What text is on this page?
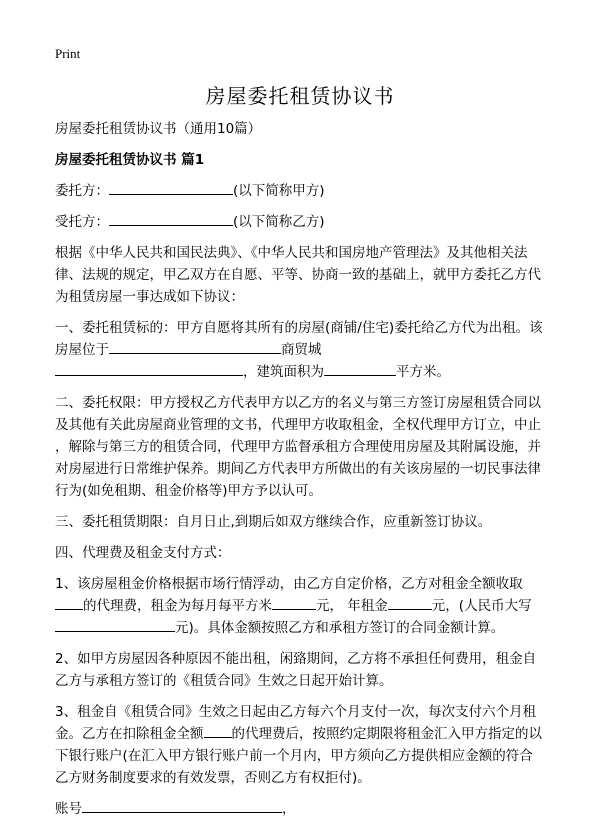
Print
房屋委托租赁协议书

房屋委托租赁协议书（通用10篇）

房屋委托租赁协议书 篇1

委托方：	(以下简称甲方)

受托方：	(以下简称乙方)

根据《中华人民共和国民法典》、《中华人民共和国房地产管理法》及其他相关法
律、法规的规定，甲乙双方在自愿、平等、协商一致的基础上，就甲方委托乙方代
为租赁房屋一事达成如下协议：

一、委托租赁标的：甲方自愿将其所有的房屋(商铺/住宅)委托给乙方代为出租。该
房屋位于	商贸城
，建筑面积为	平方米。

二、委托权限：甲方授权乙方代表甲方以乙方的名义与第三方签订房屋租赁合同以
及其他有关此房屋商业管理的文书，代理甲方收取租金，全权代理甲方订立，中止
，解除与第三方的租赁合同，代理甲方监督承租方合理使用房屋及其附属设施，并
对房屋进行日常维护保养。期间乙方代表甲方所做出的有关该房屋的一切民事法律
行为(如免租期、租金价格等)甲方予以认可。

三、委托租赁期限：自月日止,到期后如双方继续合作，应重新签订协议。

四、代理费及租金支付方式：

1、该房屋租金价格根据市场行情浮动，由乙方自定价格，乙方对租金全额收取
的代理费，租金为每月每平方米	元， 年租金	元，(人民币大写
元)。具体金额按照乙方和承租方签订的合同金额计算。

2、如甲方房屋因各种原因不能出租，闲臵期间，乙方将不承担任何费用，租金自
乙方与承租方签订的《租赁合同》生效之日起开始计算。

3、租金自《租赁合同》生效之日起由乙方每六个月支付一次，每次支付六个月租
金。乙方在扣除租金全额 的代理费后，按照约定期限将租金汇入甲方指定的以
下银行账户(在汇入甲方银行账户前一个月内，甲方须向乙方提供相应金额的符合
乙方财务制度要求的有效发票，否则乙方有权拒付)。

账号	，
